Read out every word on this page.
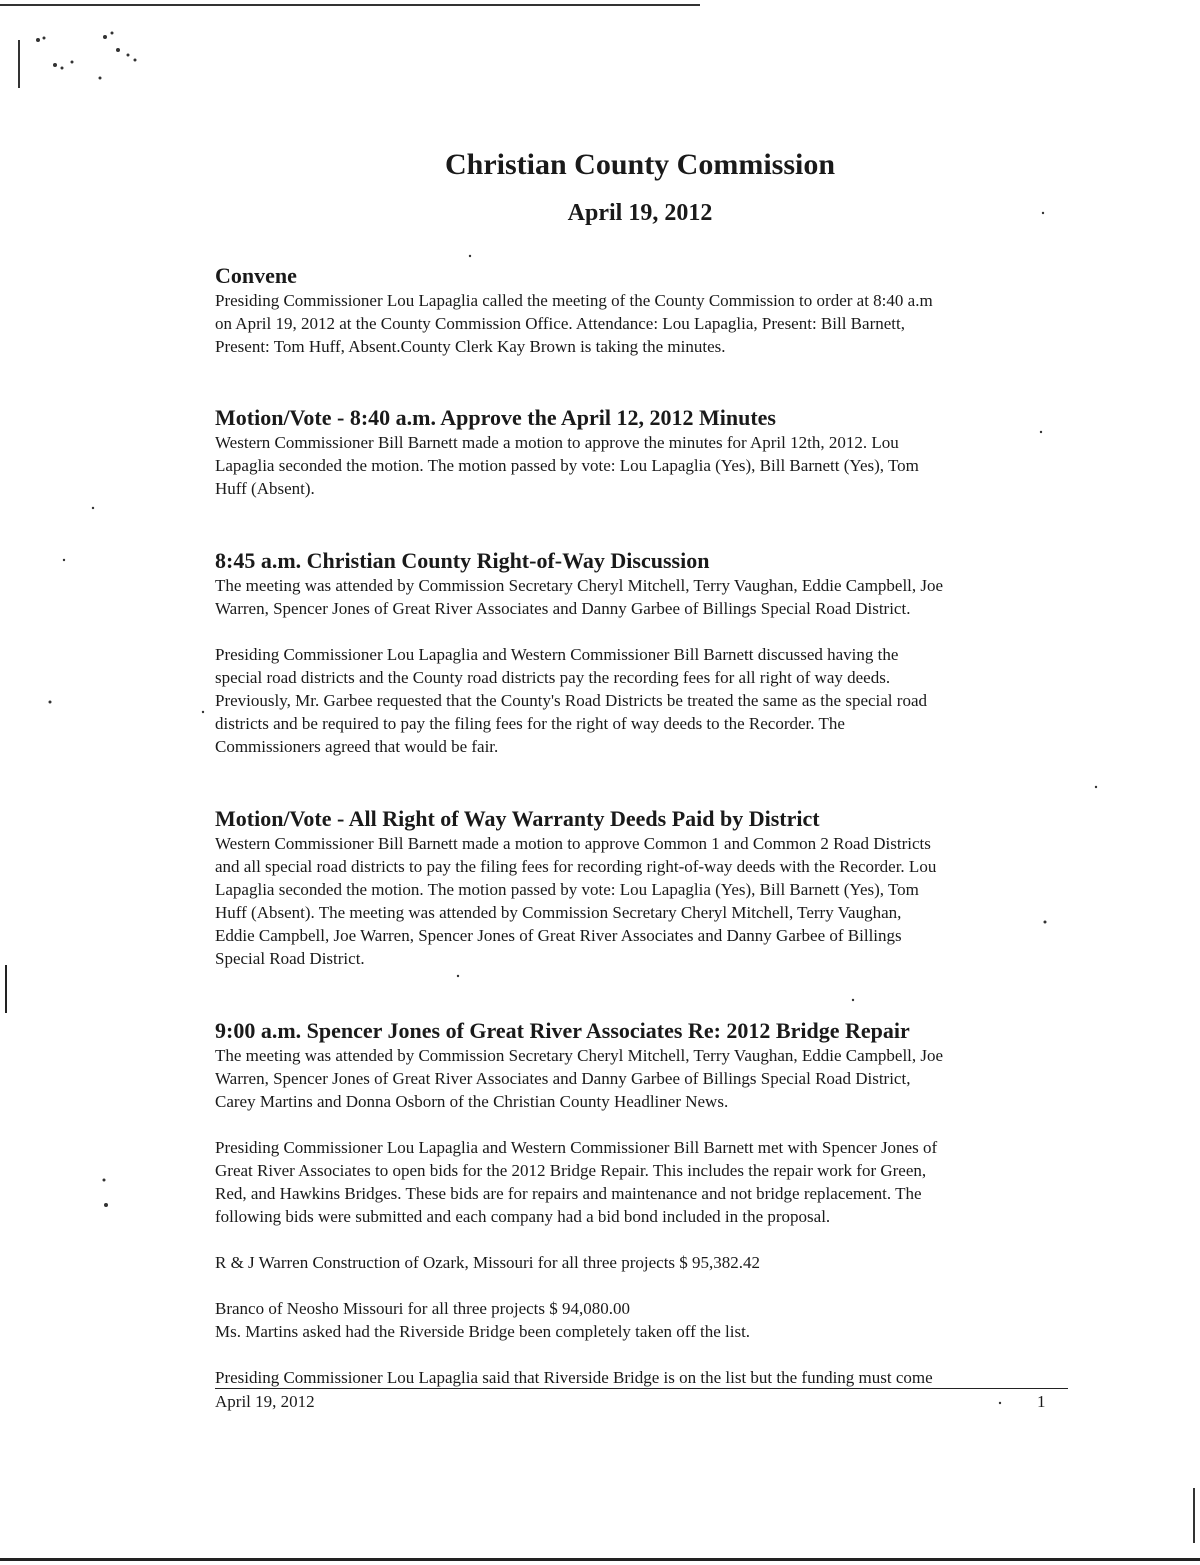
Christian County Commission
April 19, 2012
Convene

Presiding Commissioner Lou Lapaglia called the meeting of the County Commission to order at 8:40 a.m
on April 19, 2012 at the County Commission Office. Attendance: Lou Lapaglia, Present: Bill Barnett,
Present: Tom Huff, Absent.County Clerk Kay Brown is taking the minutes.

Motion/Vote - 8:40 a.m. Approve the April 12, 2012 Minutes

Western Commissioner Bill Barnett made a motion to approve the minutes for April 12th, 2012. Lou
Lapaglia seconded the motion. The motion passed by vote: Lou Lapaglia (Yes), Bill Barnett (Yes), Tom
Huff (Absent).

8:45 a.m. Christian County Right-of-Way Discussion

The meeting was attended by Commission Secretary Cheryl Mitchell, Terry Vaughan, Eddie Campbell, Joe
Warren, Spencer Jones of Great River Associates and Danny Garbee of Billings Special Road District.

Presiding Commissioner Lou Lapaglia and Western Commissioner Bill Barnett discussed having the
special road districts and the County road districts pay the recording fees for all right of way deeds.
Previously, Mr. Garbee requested that the County's Road Districts be treated the same as the special road
districts and be required to pay the filing fees for the right of way deeds to the Recorder. The
Commissioners agreed that would be fair.

Motion/Vote - All Right of Way Warranty Deeds Paid by District

Western Commissioner Bill Barnett made a motion to approve Common 1 and Common 2 Road Districts
and all special road districts to pay the filing fees for recording right-of-way deeds with the Recorder. Lou
Lapaglia seconded the motion. The motion passed by vote: Lou Lapaglia (Yes), Bill Barnett (Yes), Tom
Huff (Absent). The meeting was attended by Commission Secretary Cheryl Mitchell, Terry Vaughan,
Eddie Campbell, Joe Warren, Spencer Jones of Great River Associates and Danny Garbee of Billings
Special Road District.

9:00 a.m. Spencer Jones of Great River Associates Re: 2012 Bridge Repair

The meeting was attended by Commission Secretary Cheryl Mitchell, Terry Vaughan, Eddie Campbell, Joe
Warren, Spencer Jones of Great River Associates and Danny Garbee of Billings Special Road District,
Carey Martins and Donna Osborn of the Christian County Headliner News.

Presiding Commissioner Lou Lapaglia and Western Commissioner Bill Barnett met with Spencer Jones of
Great River Associates to open bids for the 2012 Bridge Repair. This includes the repair work for Green,
Red, and Hawkins Bridges. These bids are for repairs and maintenance and not bridge replacement. The
following bids were submitted and each company had a bid bond included in the proposal.

R & J Warren Construction of Ozark, Missouri for all three projects $ 95,382.42

Branco of Neosho Missouri for all three projects $ 94,080.00
Ms. Martins asked had the Riverside Bridge been completely taken off the list.

Presiding Commissioner Lou Lapaglia said that Riverside Bridge is on the list but the funding must come

April 19, 2012	1
